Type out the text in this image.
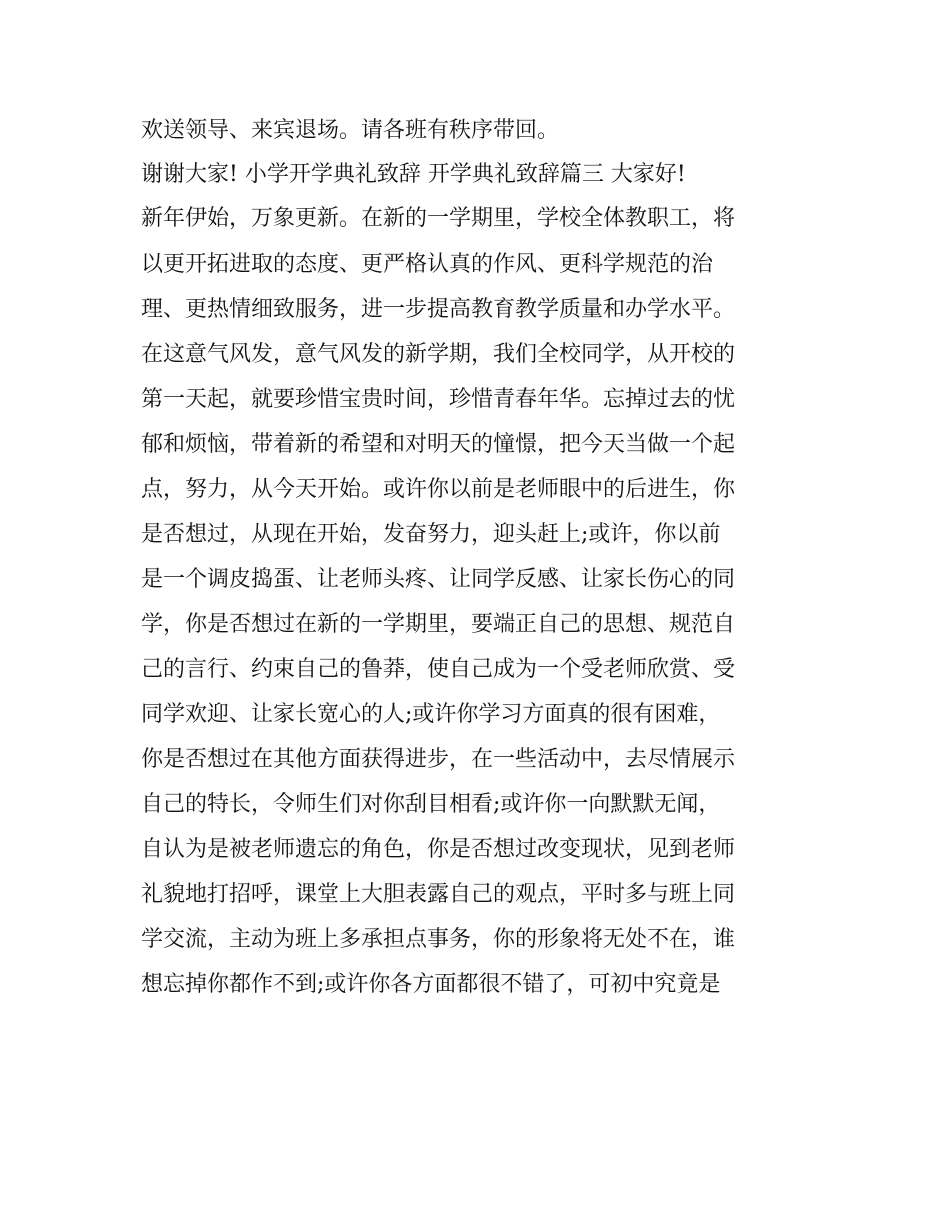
欢送领导、来宾退场。请各班有秩序带回。
谢谢大家! 小学开学典礼致辞 开学典礼致辞篇三 大家好!
新年伊始，万象更新。在新的一学期里，学校全体教职工，将
以更开拓进取的态度、更严格认真的作风、更科学规范的治
理、更热情细致服务，进一步提高教育教学质量和办学水平。
在这意气风发，意气风发的新学期，我们全校同学，从开校的
第一天起，就要珍惜宝贵时间，珍惜青春年华。忘掉过去的忧
郁和烦恼，带着新的希望和对明天的憧憬，把今天当做一个起
点，努力，从今天开始。或许你以前是老师眼中的后进生，你
是否想过，从现在开始，发奋努力，迎头赶上;或许，你以前
是一个调皮捣蛋、让老师头疼、让同学反感、让家长伤心的同
学，你是否想过在新的一学期里，要端正自己的思想、规范自
己的言行、约束自己的鲁莽，使自己成为一个受老师欣赏、受
同学欢迎、让家长宽心的人;或许你学习方面真的很有困难，
你是否想过在其他方面获得进步，在一些活动中，去尽情展示
自己的特长，令师生们对你刮目相看;或许你一向默默无闻，
自认为是被老师遗忘的角色，你是否想过改变现状，见到老师
礼貌地打招呼，课堂上大胆表露自己的观点，平时多与班上同
学交流，主动为班上多承担点事务，你的形象将无处不在，谁
想忘掉你都作不到;或许你各方面都很不错了，可初中究竟是
